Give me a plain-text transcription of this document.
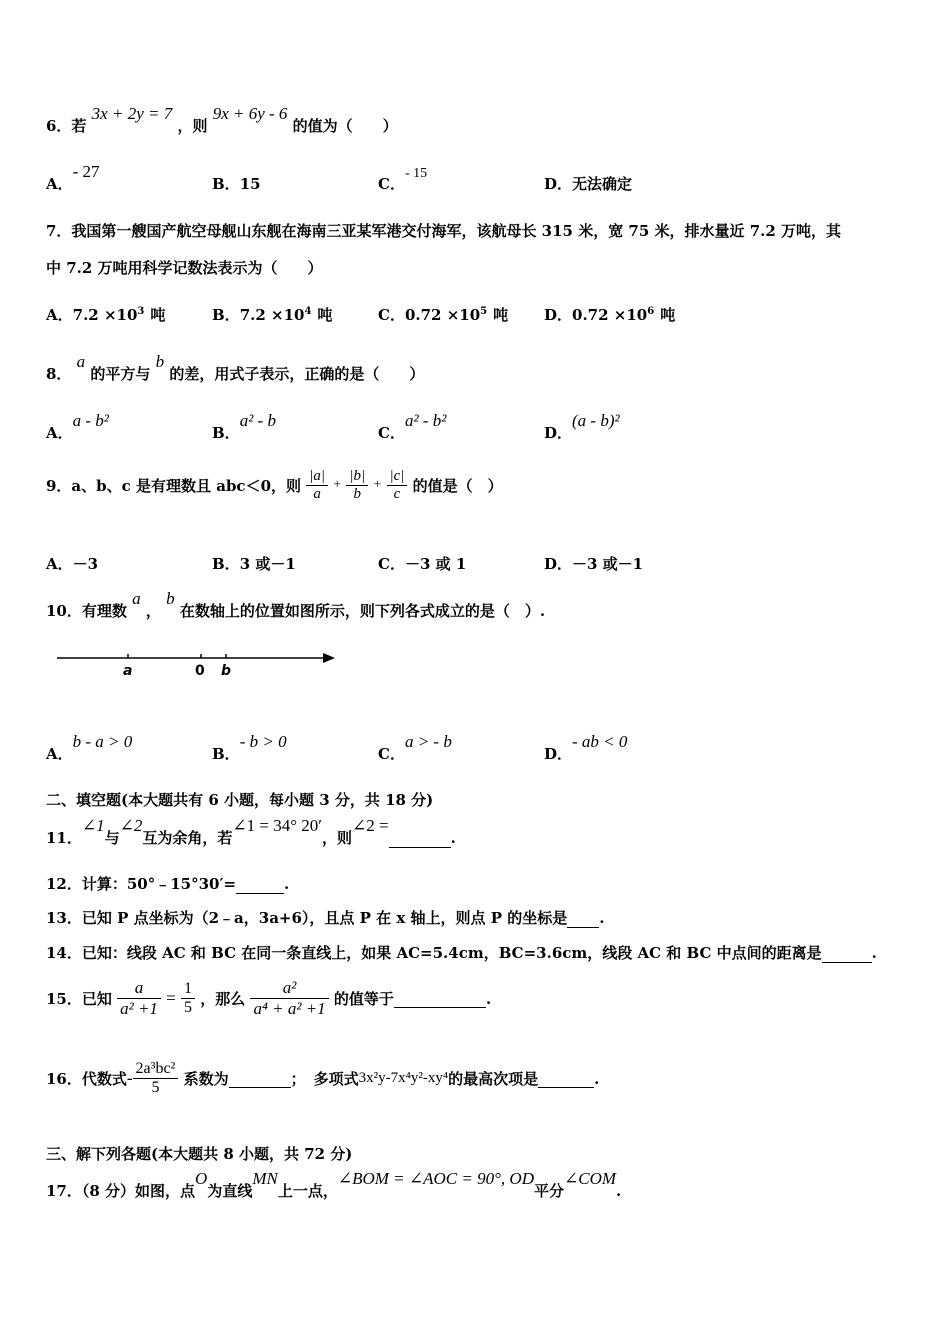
6．若 3x + 2y = 7 ，则 9x + 6y - 6 的值为（　　）
A．- 27
B．15	C．- 15
D．无法确定
7．我国第一艘国产航空母舰山东舰在海南三亚某军港交付海军，该航母长 315 米，宽 75 米，排水量近 7.2 万吨，其
中 7.2 万吨用科学记数法表示为（　　）
A．$7.2 \times 10^3$ 吨	B．$7.2 \times 10^4$ 吨	C．$0.72 \times 10^5$ 吨 D．$0.72 \times 10^6$ 吨
8． a 的平方与 b 的差，用式子表示，正确的是（　　）
A．a - b²
B．a² - b
C．a² - b²
D．(a - b)²
9．a、b、c 是有理数且 abc＜0，则 $\frac{|a|}{a} + \frac{|b|}{b} + \frac{|c|}{c}$ 的值是（　）
A．－3	B．3 或－1	C．－3 或 1	D．－3 或－1
10．有理数 a ， b 在数轴上的位置如图所示，则下列各式成立的是（　）.
a	0 b
A．b - a > 0
B．- b > 0
C．a > - b
D．- ab < 0
二、填空题(本大题共有 6 小题，每小题 3 分，共 18 分)
11．∠1与∠2互为余角，若∠1 = 34° 20′，则∠2 = .
12．计算：50°﹣15°30′=	.
13．已知 P 点坐标为（2﹣a，3a+6），且点 P 在 x 轴上，则点 P 的坐标是 .
14．已知：线段 AC 和 BC 在同一条直线上，如果 AC=5.4cm，BC=3.6cm，线段 AC 和 BC 中点间的距离是	.
15．已知 $\frac{a}{\text{a² +1}} = \frac{1}{5}$ ，那么 $\frac{\text{a²}}{\text{a⁴ + a² +1}}$ 的值等于	.
16．代数式- $\frac{\text{2a³bc²}}{5}$ 系数为	； 多项式3x²y-7x⁴y²-xy⁴的最高次项是	.
三、解下列各题(本大题共 8 小题，共 72 分)
17．（8 分）如图，点O为直线MN上一点，∠BOM = ∠AOC = 90°, OD平分∠COM.
